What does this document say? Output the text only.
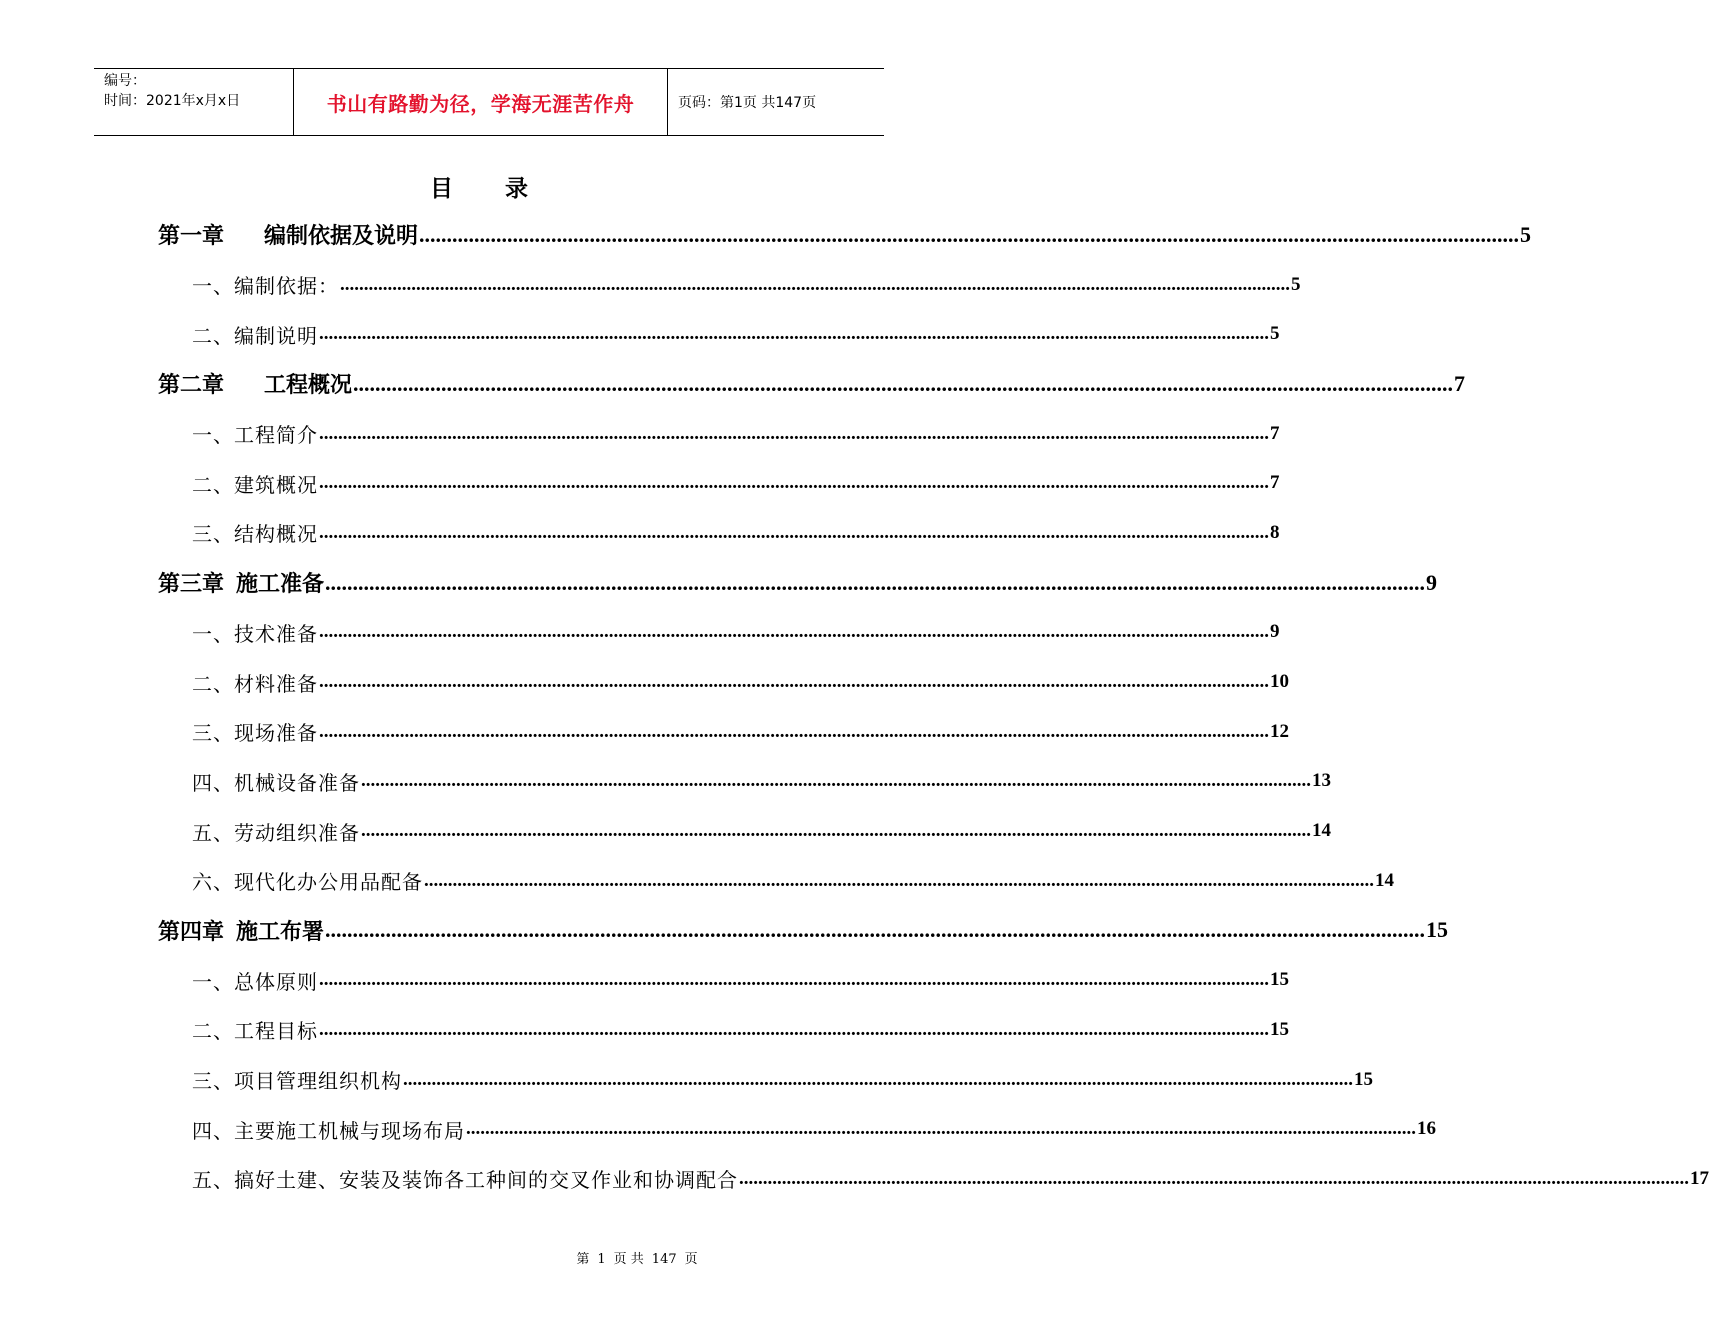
编号：
时间：2021年x月x日	书山有路勤为径，学海无涯苦作舟	页码：第1页 共147页
目 录
第一章 编制依据及说明 ........................................................................................................................................................................................................ 5
一、编制依据： ........................................................................................................................................................................................................ 5
二、编制说明 ........................................................................................................................................................................................................ 5
第二章 工程概况 ........................................................................................................................................................................................................ 7
一、工程简介 ........................................................................................................................................................................................................ 7
二、建筑概况 ........................................................................................................................................................................................................ 7
三、结构概况 ........................................................................................................................................................................................................ 8
第三章 施工准备 ........................................................................................................................................................................................................ 9
一、技术准备 ........................................................................................................................................................................................................ 9
二、材料准备 ........................................................................................................................................................................................................ 10
三、现场准备 ........................................................................................................................................................................................................ 12
四、机械设备准备 ........................................................................................................................................................................................................ 13
五、劳动组织准备 ........................................................................................................................................................................................................ 14
六、现代化办公用品配备 ........................................................................................................................................................................................................ 14
第四章 施工布署 ........................................................................................................................................................................................................ 15
一、总体原则 ........................................................................................................................................................................................................ 15
二、工程目标 ........................................................................................................................................................................................................ 15
三、项目管理组织机构 ........................................................................................................................................................................................................ 15
四、主要施工机械与现场布局 ........................................................................................................................................................................................................ 16
五、搞好土建、安装及装饰各工种间的交叉作业和协调配合 ........................................................................................................................................................................................................ 17
第 1 页 共 147 页
